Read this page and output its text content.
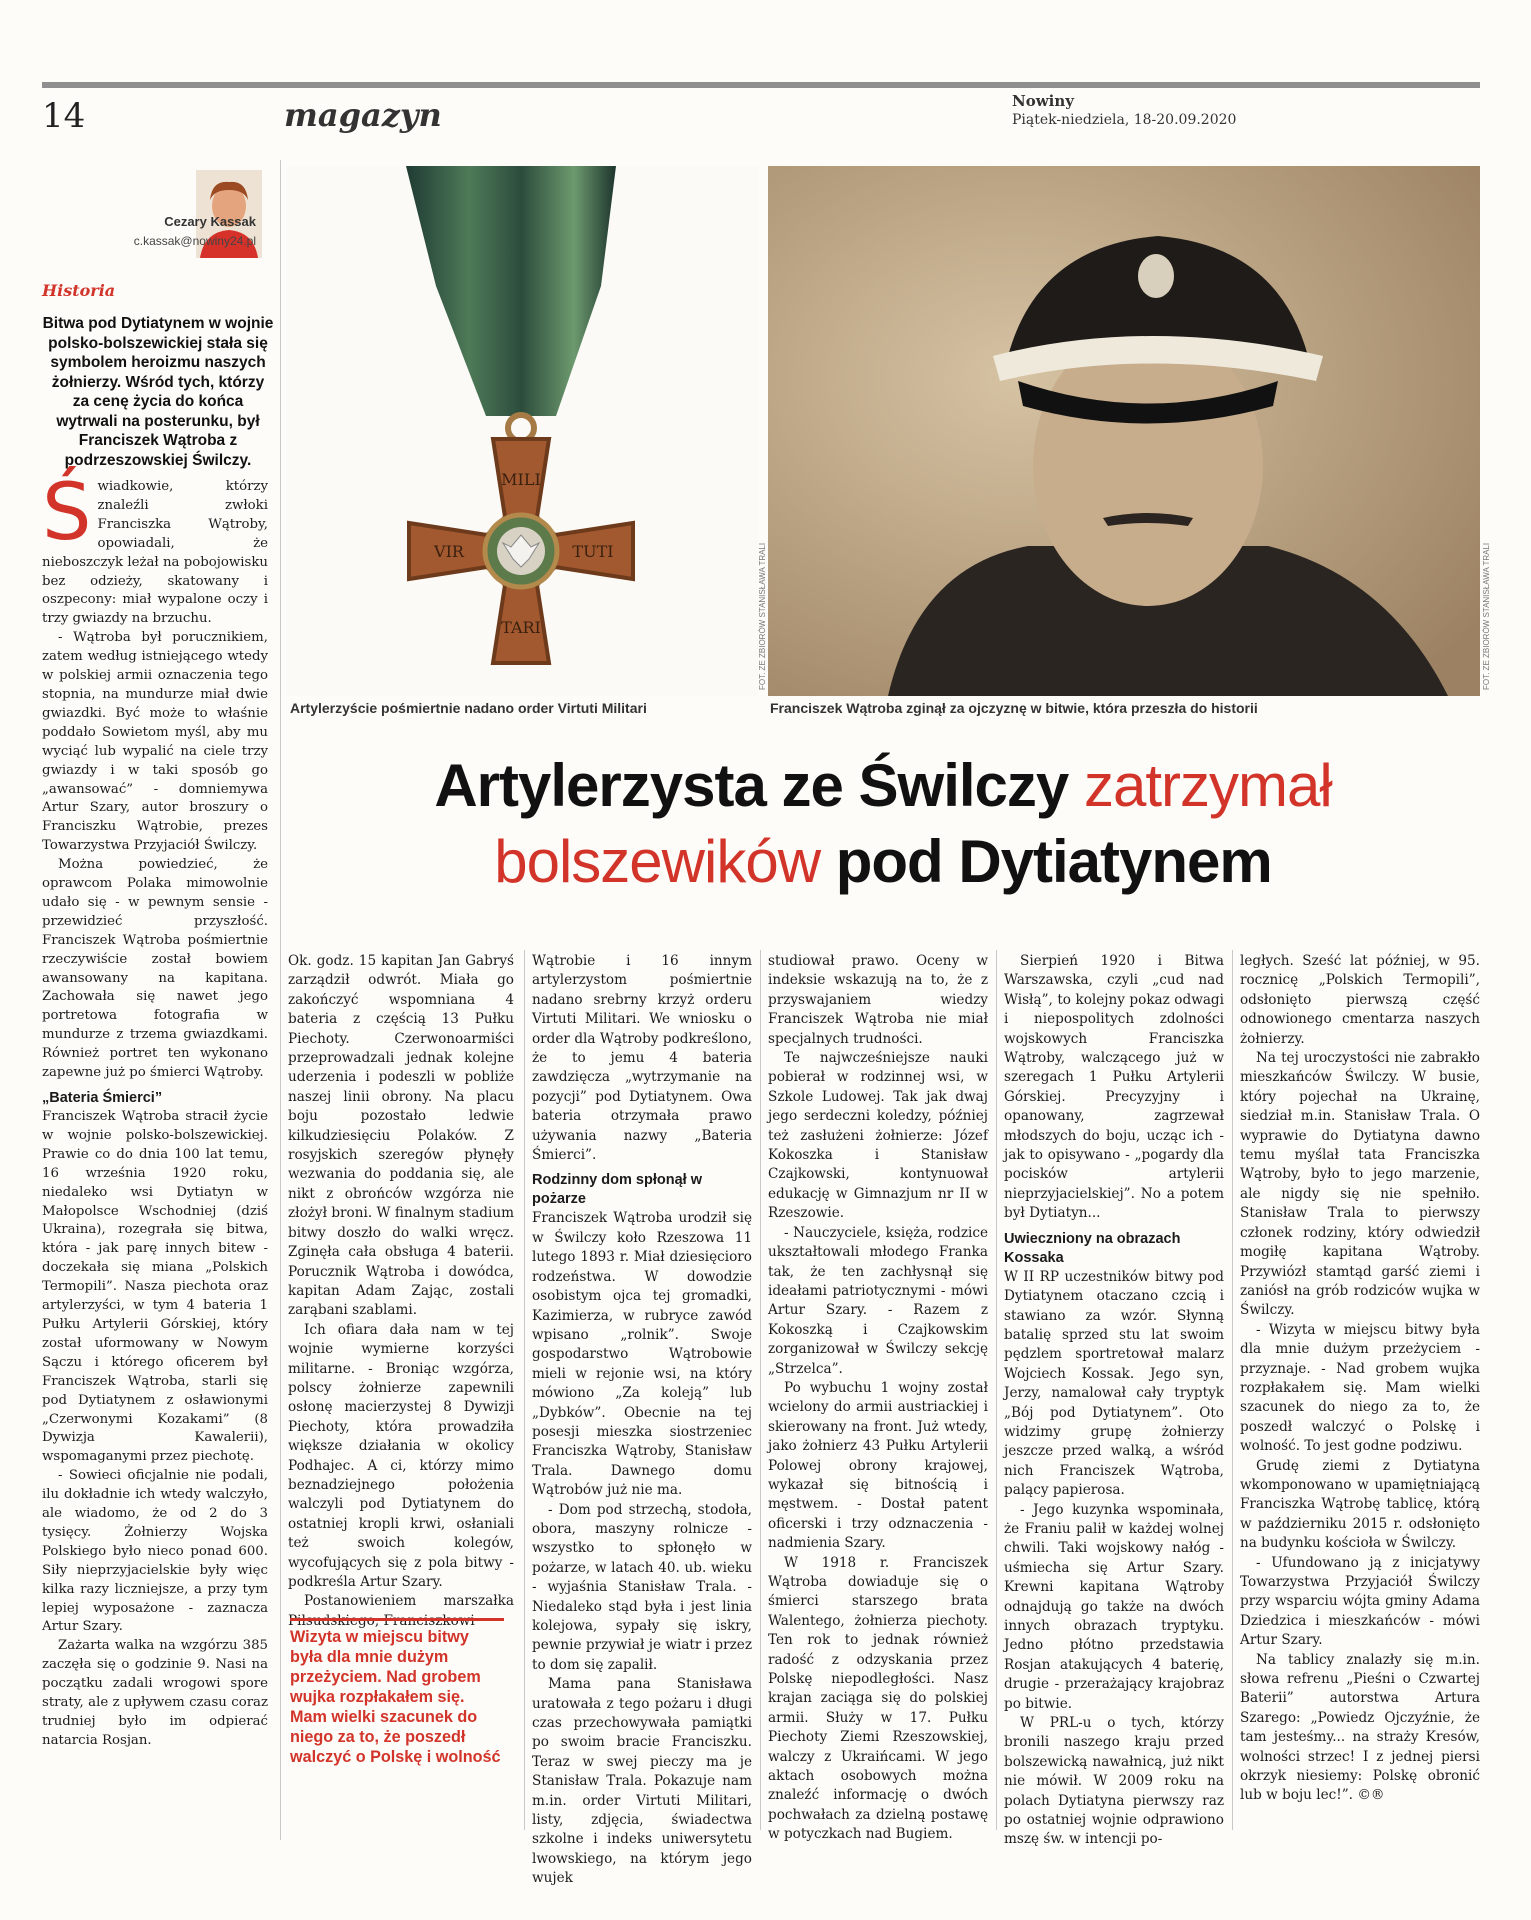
14	magazyn	Nowiny
Piątek-niedziela, 18-20.09.2020
Cezary Kassak
c.kassak@nowiny24.pl
Historia

Bitwa pod Dytiatynem w wojnie polsko-bolszewickiej stała się symbolem heroizmu naszych żołnierzy. Wśród tych, którzy za cenę życia do końca wytrwali na posterunku, był Franciszek Wątroba z podrzeszowskiej Świlczy.

MILI
VIR	TUTI
TARI	FOT. ZE ZBIORÓW STANISŁAWA TRALI	FOT. ZE ZBIORÓW STANISŁAWA TRALI
Artylerzyście pośmiertnie nadano order Virtuti Militari	Franciszek Wątroba zginął za ojczyznę w bitwie, która przeszła do historii
Artylerzysta ze Świlczy zatrzymał
bolszewików pod Dytiatynem

Świadkowie, którzy znaleźli zwłoki Franciszka Wątroby, opowiadali, że nieboszczyk leżał na pobojowisku bez odzieży, skatowany i oszpecony: miał wypalone oczy i trzy gwiazdy na brzuchu.

- Wątroba był porucznikiem, zatem według istniejącego wtedy w polskiej armii oznaczenia tego stopnia, na mundurze miał dwie gwiazdki. Być może to właśnie poddało Sowietom myśl, aby mu wyciąć lub wypalić na ciele trzy gwiazdy i w taki sposób go „awansować” - domniemywa Artur Szary, autor broszury o Franciszku Wątrobie, prezes Towarzystwa Przyjaciół Świlczy.

Można powiedzieć, że oprawcom Polaka mimowolnie udało się - w pewnym sensie - przewidzieć przyszłość. Franciszek Wątroba pośmiertnie rzeczywiście został bowiem awansowany na kapitana. Zachowała się nawet jego portretowa fotografia w mundurze z trzema gwiazdkami. Również portret ten wykonano zapewne już po śmierci Wątroby.

„Bateria Śmierci”

Franciszek Wątroba stracił życie w wojnie polsko-bolszewickiej. Prawie co do dnia 100 lat temu, 16 września 1920 roku, niedaleko wsi Dytiatyn w Małopolsce Wschodniej (dziś Ukraina), rozegrała się bitwa, która - jak parę innych bitew - doczekała się miana „Polskich Termopili”. Nasza piechota oraz artylerzyści, w tym 4 bateria 1 Pułku Artylerii Górskiej, który został uformowany w Nowym Sączu i którego oficerem był Franciszek Wątroba, starli się pod Dytiatynem z osławionymi „Czerwonymi Kozakami” (8 Dywizja Kawalerii), wspomaganymi przez piechotę.

- Sowieci oficjalnie nie podali, ilu dokładnie ich wtedy walczyło, ale wiadomo, że od 2 do 3 tysięcy. Żołnierzy Wojska Polskiego było nieco ponad 600. Siły nieprzyjacielskie były więc kilka razy liczniejsze, a przy tym lepiej wyposażone - zaznacza Artur Szary.

Zażarta walka na wzgórzu 385 zaczęła się o godzinie 9. Nasi na początku zadali wrogowi spore straty, ale z upływem czasu coraz trudniej było im odpierać natarcia Rosjan.

Ok. godz. 15 kapitan Jan Gabryś zarządził odwrót. Miała go zakończyć wspomniana 4 bateria z częścią 13 Pułku Piechoty. Czerwonoarmiści przeprowadzali jednak kolejne uderzenia i podeszli w pobliże naszej linii obrony. Na placu boju pozostało ledwie kilkudziesięciu Polaków. Z rosyjskich szeregów płynęły wezwania do poddania się, ale nikt z obrońców wzgórza nie złożył broni. W finalnym stadium bitwy doszło do walki wręcz. Zginęła cała obsługa 4 baterii. Porucznik Wątroba i dowódca, kapitan Adam Zając, zostali zarąbani szablami.

Ich ofiara dała nam w tej wojnie wymierne korzyści militarne. - Broniąc wzgórza, polscy żołnierze zapewnili osłonę macierzystej 8 Dywizji Piechoty, która prowadziła większe działania w okolicy Podhajec. A ci, którzy mimo beznadziejnego położenia walczyli pod Dytiatynem do ostatniej kropli krwi, osłaniali też swoich kolegów, wycofujących się z pola bitwy - podkreśla Artur Szary.

Postanowieniem marszałka Piłsudskiego, Franciszkowi

Wizyta w miejscu bitwy była dla mnie dużym przeżyciem. Nad grobem wujka rozpłakałem się. Mam wielki szacunek do niego za to, że poszedł walczyć o Polskę i wolność

Wątrobie i 16 innym artylerzystom pośmiertnie nadano srebrny krzyż orderu Virtuti Militari. We wniosku o order dla Wątroby podkreślono, że to jemu 4 bateria zawdzięcza „wytrzymanie na pozycji” pod Dytiatynem. Owa bateria otrzymała prawo używania nazwy „Bateria Śmierci”.

Rodzinny dom spłonął w pożarze

Franciszek Wątroba urodził się w Świlczy koło Rzeszowa 11 lutego 1893 r. Miał dziesięcioro rodzeństwa. W dowodzie osobistym ojca tej gromadki, Kazimierza, w rubryce zawód wpisano „rolnik”. Swoje gospodarstwo Wątrobowie mieli w rejonie wsi, na który mówiono „Za koleją” lub „Dybków”. Obecnie na tej posesji mieszka siostrzeniec Franciszka Wątroby, Stanisław Trala. Dawnego domu Wątrobów już nie ma.

- Dom pod strzechą, stodoła, obora, maszyny rolnicze - wszystko to spłonęło w pożarze, w latach 40. ub. wieku - wyjaśnia Stanisław Trala. - Niedaleko stąd była i jest linia kolejowa, sypały się iskry, pewnie przywiał je wiatr i przez to dom się zapalił.

Mama pana Stanisława uratowała z tego pożaru i długi czas przechowywała pamiątki po swoim bracie Franciszku. Teraz w swej pieczy ma je Stanisław Trala. Pokazuje nam m.in. order Virtuti Militari, listy, zdjęcia, świadectwa szkolne i indeks uniwersytetu lwowskiego, na którym jego wujek

studiował prawo. Oceny w indeksie wskazują na to, że z przyswajaniem wiedzy Franciszek Wątroba nie miał specjalnych trudności.

Te najwcześniejsze nauki pobierał w rodzinnej wsi, w Szkole Ludowej. Tak jak dwaj jego serdeczni koledzy, później też zasłużeni żołnierze: Józef Kokoszka i Stanisław Czajkowski, kontynuował edukację w Gimnazjum nr II w Rzeszowie.

- Nauczyciele, księża, rodzice ukształtowali młodego Franka tak, że ten zachłysnął się ideałami patriotycznymi - mówi Artur Szary. - Razem z Kokoszką i Czajkowskim zorganizował w Świlczy sekcję „Strzelca”.

Po wybuchu 1 wojny został wcielony do armii austriackiej i skierowany na front. Już wtedy, jako żołnierz 43 Pułku Artylerii Polowej obrony krajowej, wykazał się bitnością i męstwem. - Dostał patent oficerski i trzy odznaczenia - nadmienia Szary.

W 1918 r. Franciszek Wątroba dowiaduje się o śmierci starszego brata Walentego, żołnierza piechoty. Ten rok to jednak również radość z odzyskania przez Polskę niepodległości. Nasz krajan zaciąga się do polskiej armii. Służy w 17. Pułku Piechoty Ziemi Rzeszowskiej, walczy z Ukraińcami. W jego aktach osobowych można znaleźć informację o dwóch pochwałach za dzielną postawę w potyczkach nad Bugiem.

Sierpień 1920 i Bitwa Warszawska, czyli „cud nad Wisłą”, to kolejny pokaz odwagi i niepospolitych zdolności wojskowych Franciszka Wątroby, walczącego już w szeregach 1 Pułku Artylerii Górskiej. Precyzyjny i opanowany, zagrzewał młodszych do boju, ucząc ich - jak to opisywano - „pogardy dla pocisków artylerii nieprzyjacielskiej”. No a potem był Dytiatyn...

Uwieczniony na obrazach Kossaka

W II RP uczestników bitwy pod Dytiatynem otaczano czcią i stawiano za wzór. Słynną batalię sprzed stu lat swoim pędzlem sportretował malarz Wojciech Kossak. Jego syn, Jerzy, namalował cały tryptyk „Bój pod Dytiatynem”. Oto widzimy grupę żołnierzy jeszcze przed walką, a wśród nich Franciszek Wątroba, palący papierosa.

- Jego kuzynka wspominała, że Franiu palił w każdej wolnej chwili. Taki wojskowy nałóg - uśmiecha się Artur Szary. Krewni kapitana Wątroby odnajdują go także na dwóch innych obrazach tryptyku. Jedno płótno przedstawia Rosjan atakujących 4 baterię, drugie - przerażający krajobraz po bitwie.

W PRL-u o tych, którzy bronili naszego kraju przed bolszewicką nawałnicą, już nikt nie mówił. W 2009 roku na polach Dytiatyna pierwszy raz po ostatniej wojnie odprawiono mszę św. w intencji po-

ległych. Sześć lat później, w 95. rocznicę „Polskich Termopili”, odsłonięto pierwszą część odnowionego cmentarza naszych żołnierzy.

Na tej uroczystości nie zabrakło mieszkańców Świlczy. W busie, który pojechał na Ukrainę, siedział m.in. Stanisław Trala. O wyprawie do Dytiatyna dawno temu myślał tata Franciszka Wątroby, było to jego marzenie, ale nigdy się nie spełniło. Stanisław Trala to pierwszy członek rodziny, który odwiedził mogiłę kapitana Wątroby. Przywiózł stamtąd garść ziemi i zaniósł na grób rodziców wujka w Świlczy.

- Wizyta w miejscu bitwy była dla mnie dużym przeżyciem - przyznaje. - Nad grobem wujka rozpłakałem się. Mam wielki szacunek do niego za to, że poszedł walczyć o Polskę i wolność. To jest godne podziwu.

Grudę ziemi z Dytiatyna wkomponowano w upamiętniającą Franciszka Wątrobę tablicę, którą w październiku 2015 r. odsłonięto na budynku kościoła w Świlczy.

- Ufundowano ją z inicjatywy Towarzystwa Przyjaciół Świlczy przy wsparciu wójta gminy Adama Dziedzica i mieszkańców - mówi Artur Szary.

Na tablicy znalazły się m.in. słowa refrenu „Pieśni o Czwartej Baterii” autorstwa Artura Szarego: „Powiedz Ojczyźnie, że tam jesteśmy... na straży Kresów, wolności strzec! I z jednej piersi okrzyk niesiemy: Polskę obronić lub w boju lec!”. ©®
